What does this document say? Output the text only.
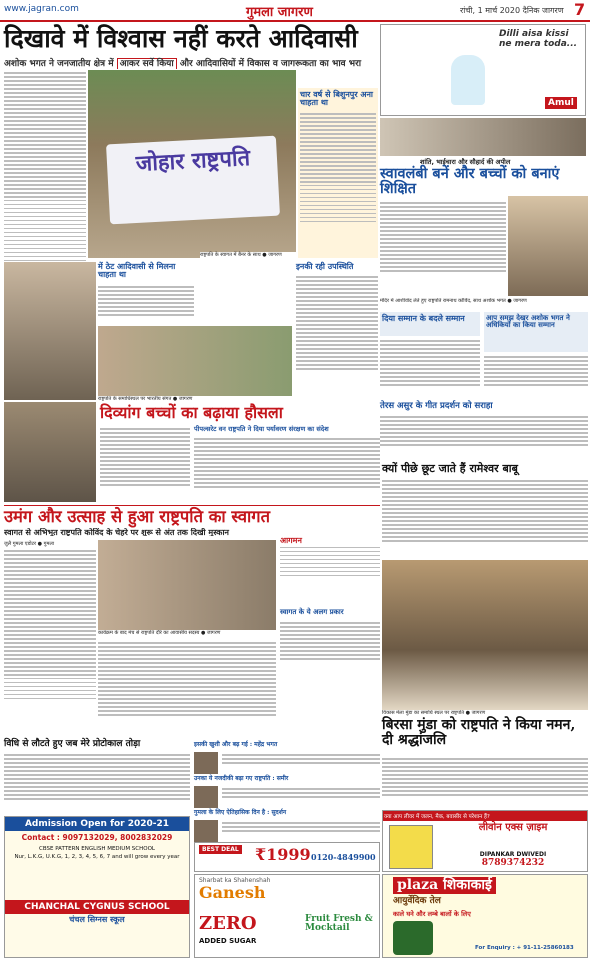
www.jagran.com	गुमला जागरण	रांची, 1 मार्च 2020 दैनिक जागरण 7
दिखावे में विश्वास नहीं करते आदिवासी
अशोक भगत ने जनजातीय क्षेत्र में आकर सर्वे किया और आदिवासियों में विकास व जागरूकता का भाव भरा
जोहार राष्ट्रपति
राष्ट्रपति के स्वागत में बैनर के साथ ● जागरण
चार वर्ष से बिशुनपुर अना चाहता था
Dilli aisa kissi ne mera toda...
Amul
शांति, भाईचारा और सौहार्द की अपील
स्वावलंबी बनें और बच्चों को बनाएं शिक्षित
मंदिर में आशीर्वाद लेते हुए राष्ट्रपति रामनाथ कोविंद, साथ अशोक भगत ● जागरण
दिया सम्मान के बदले सम्मान	आप समझ देखर अशोक भगत ने अधिकियों का किया सम्मान
तेरस असुर के गीत प्रदर्शन को सराहा
में ठेट आदिवासी से मिलना चाहता था
राष्ट्रपति के समाधिस्थल पर भारतीय संगत ● जागरण
इनकी रही उपस्थिति
दिव्यांग बच्चों का बढ़ाया हौसला
पीपल्सरेट वन राष्ट्रपति ने दिया पर्यावरण संरक्षण का संदेश
क्यों पीछे छूट जाते हैं रामेश्वर बाबू
उमंग और उत्साह से हुआ राष्ट्रपति का स्वागत
स्वागत से अभिभूत राष्ट्रपति कोविंद के चेहरे पर शुरू से अंत तक दिखी मुस्कान
जुलै गुमला एडोटर ● गुमला
कार्यक्रम के बाद मंच से राष्ट्रपति दौरे का आवासीय सदस्य ● जागरण
आगमन
स्वागत के ये अलग प्रकार
विकास मेला मुंडा का समाधि स्थल पर राष्ट्रपति ● जागरण
बिरसा मुंडा को राष्ट्रपति ने किया नमन, दी श्रद्धांजलि
विधि से लौटते हुए जब मेरे प्रोटोकाल तोड़ा	इसकी खुशी और बढ़ गई : महेंद्र भगत
उनका ये नजदीकी बढ़ा गए राष्ट्रपति : समीर
गुमला के लिए ऐतिहासिक दिन है : सुदर्शन
Admission Open for 2020-21
Contact : 9097132029, 8002832029
CBSE PATTERN ENGLISH MEDIUM SCHOOL
Nur, L.K.G, U.K.G, 1, 2, 3, 4, 5, 6, 7 and will grow every year
CHANCHAL CYGNUS SCHOOL
चंचल सिग्नस स्कूल
BEST DEAL ₹1999 0120-4849900
Sharbat ka Shahenshah
Ganesh
ZERO
ADDED SUGAR
Fruit Fresh & Mocktail
क्या आप लीवर में जलन, मैक, बवासीर से परेशान हैं?
लीवोन एक्स ज़ाइम
DIPANKAR DWIVEDI
8789374232
plaza शिकाकाई
आयुर्वेदिक तेल
काले घने और लम्बे बालों के लिए
For Enquiry : + 91-11-25860183
